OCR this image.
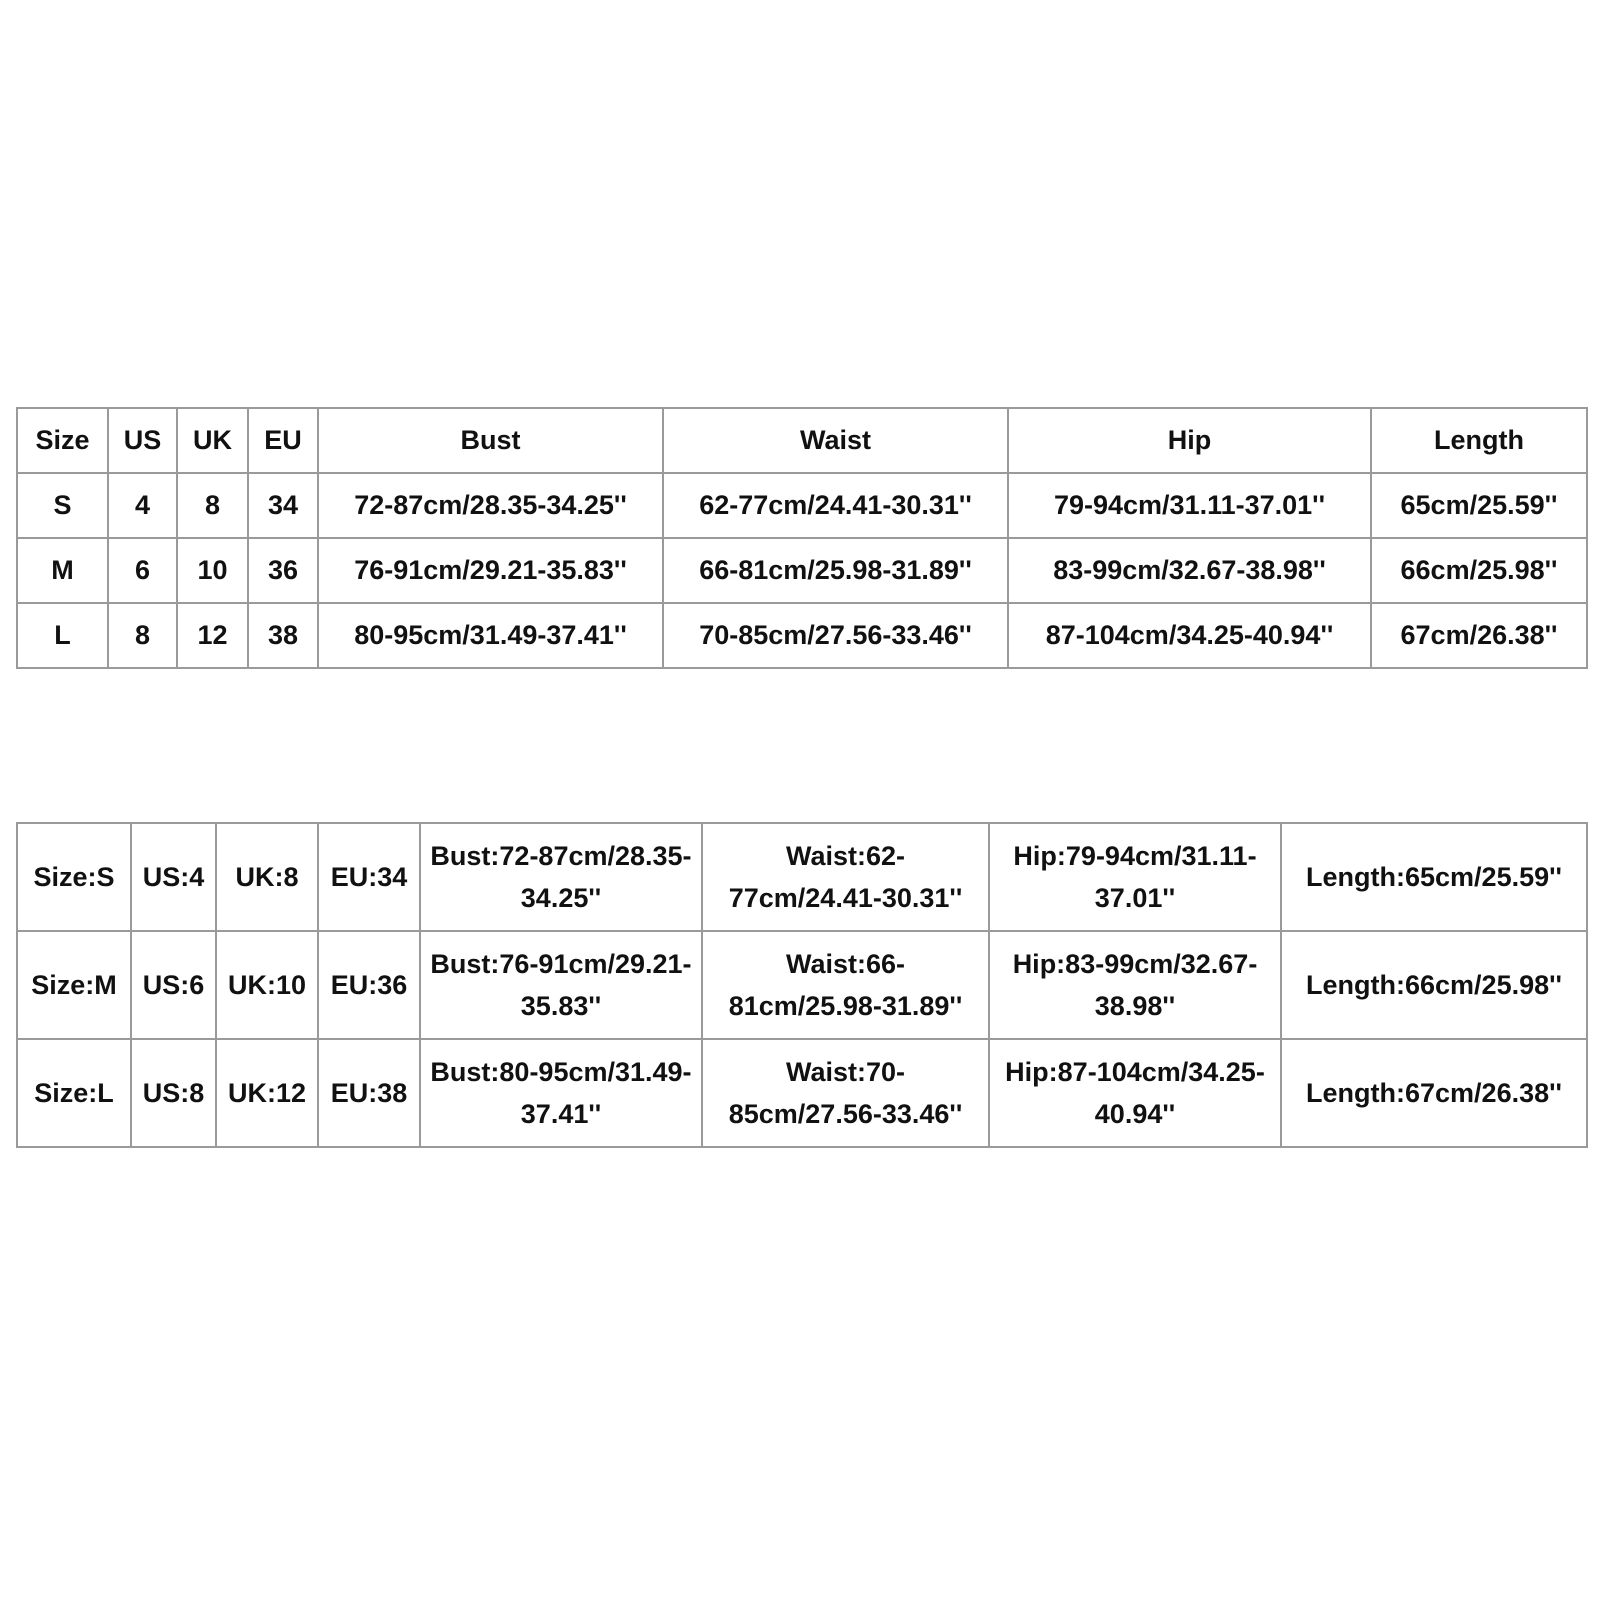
Size	US	UK	EU	Bust	Waist	Hip	Length
S	4	8	34	72-87cm/28.35-34.25''	62-77cm/24.41-30.31''	79-94cm/31.11-37.01''	65cm/25.59''
M	6	10	36	76-91cm/29.21-35.83''	66-81cm/25.98-31.89''	83-99cm/32.67-38.98''	66cm/25.98''
L	8	12	38	80-95cm/31.49-37.41''	70-85cm/27.56-33.46''	87-104cm/34.25-40.94''	67cm/26.38''
Size:S	US:4	UK:8	EU:34	Bust:72-87cm/28.35-34.25''	Waist:62-77cm/24.41-30.31''	Hip:79-94cm/31.11-37.01''	Length:65cm/25.59''
Size:M	US:6	UK:10	EU:36	Bust:76-91cm/29.21-35.83''	Waist:66-81cm/25.98-31.89''	Hip:83-99cm/32.67-38.98''	Length:66cm/25.98''
Size:L	US:8	UK:12	EU:38	Bust:80-95cm/31.49-37.41''	Waist:70-85cm/27.56-33.46''	Hip:87-104cm/34.25-40.94''	Length:67cm/26.38''
